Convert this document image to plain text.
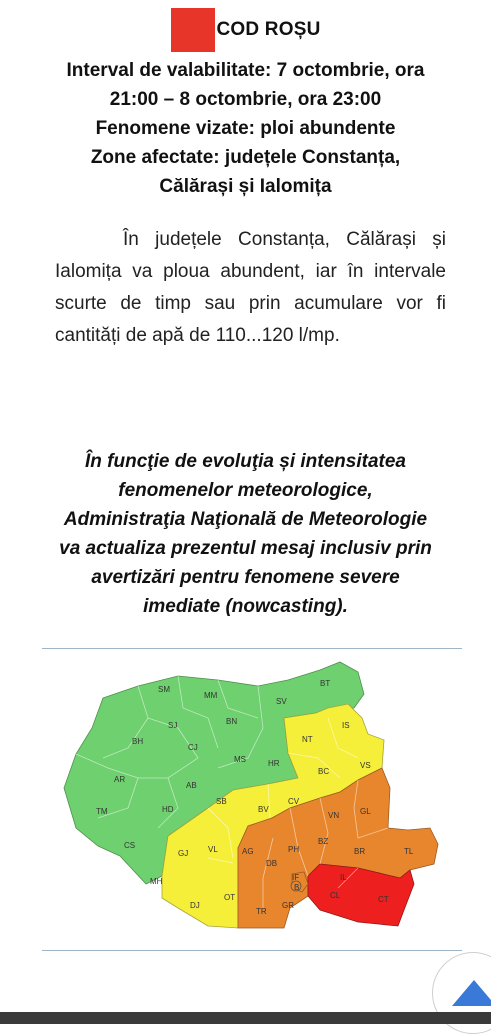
COD ROȘU
Interval de valabilitate: 7 octombrie, ora
21:00 – 8 octombrie, ora 23:00
Fenomene vizate: ploi abundente
Zone afectate: județele Constanța,
Călărași și Ialomița
În județele Constanța, Călărași și Ialomița va ploua abundent, iar în intervale scurte de timp sau prin acumulare vor fi cantități de apă de 110...120 l/mp.
În funcţie de evoluţia și intensitatea
fenomenelor meteorologice,
Administraţia Naţională de Meteorologie
va actualiza prezentul mesaj inclusiv prin
avertizări pentru fenomene severe
imediate (nowcasting).
SM
MM
SV
BT
SJ	BN	IS
BH
CJ
NT
MS	HR
BC
VS
AB
AR
SB
BV
CV
VN	GL
TM	HD
BZ
PH	BR	TL
CS
GJ VL	AG
DB
IF
B
IL
MH
DJ
OT
TR
GR
CL	CT
